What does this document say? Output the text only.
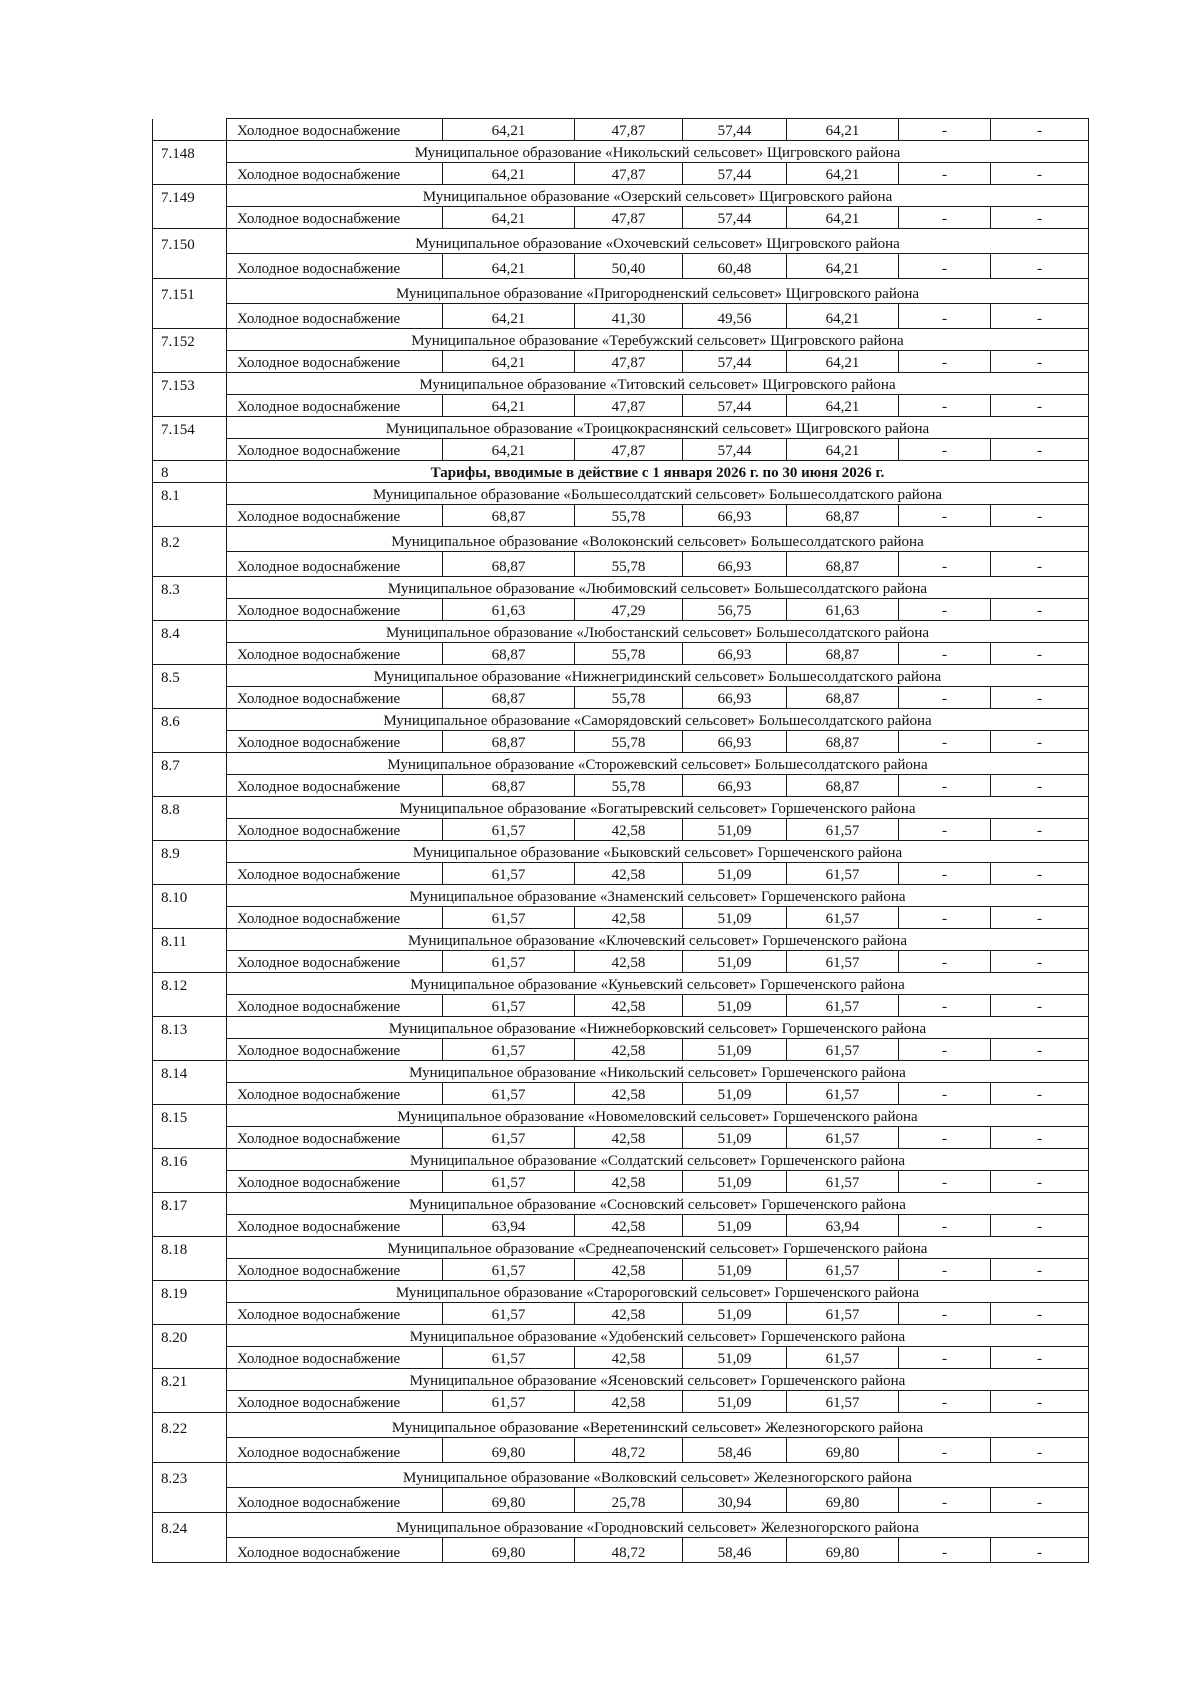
	Холодное водоснабжение	64,21	47,87	57,44	64,21	-	-
7.148	Муниципальное образование «Никольский сельсовет» Щигровского района						
	Холодное водоснабжение	64,21	47,87	57,44	64,21	-	-
7.149	Муниципальное образование «Озерский сельсовет» Щигровского района						
	Холодное водоснабжение	64,21	47,87	57,44	64,21	-	-
7.150	Муниципальное образование «Охочевский сельсовет» Щигровского района						
	Холодное водоснабжение	64,21	50,40	60,48	64,21	-	-
7.151	Муниципальное образование «Пригородненский сельсовет» Щигровского района						
	Холодное водоснабжение	64,21	41,30	49,56	64,21	-	-
7.152	Муниципальное образование «Теребужский сельсовет» Щигровского района						
	Холодное водоснабжение	64,21	47,87	57,44	64,21	-	-
7.153	Муниципальное образование «Титовский сельсовет» Щигровского района						
	Холодное водоснабжение	64,21	47,87	57,44	64,21	-	-
7.154	Муниципальное образование «Троицкокраснянский сельсовет» Щигровского района						
	Холодное водоснабжение	64,21	47,87	57,44	64,21	-	-
8	Тарифы, вводимые в действие с 1 января 2026 г. по 30 июня 2026 г.						
8.1	Муниципальное образование «Большесолдатский сельсовет» Большесолдатского района						
	Холодное водоснабжение	68,87	55,78	66,93	68,87	-	-
8.2	Муниципальное образование «Волоконский сельсовет» Большесолдатского района						
	Холодное водоснабжение	68,87	55,78	66,93	68,87	-	-
8.3	Муниципальное образование «Любимовский сельсовет» Большесолдатского района						
	Холодное водоснабжение	61,63	47,29	56,75	61,63	-	-
8.4	Муниципальное образование «Любостанский сельсовет» Большесолдатского района						
	Холодное водоснабжение	68,87	55,78	66,93	68,87	-	-
8.5	Муниципальное образование «Нижнегридинский сельсовет» Большесолдатского района						
	Холодное водоснабжение	68,87	55,78	66,93	68,87	-	-
8.6	Муниципальное образование «Саморядовский сельсовет» Большесолдатского района						
	Холодное водоснабжение	68,87	55,78	66,93	68,87	-	-
8.7	Муниципальное образование «Сторожевский сельсовет» Большесолдатского района						
	Холодное водоснабжение	68,87	55,78	66,93	68,87	-	-
8.8	Муниципальное образование «Богатыревский сельсовет» Горшеченского района						
	Холодное водоснабжение	61,57	42,58	51,09	61,57	-	-
8.9	Муниципальное образование «Быковский сельсовет» Горшеченского района						
	Холодное водоснабжение	61,57	42,58	51,09	61,57	-	-
8.10	Муниципальное образование «Знаменский сельсовет» Горшеченского района						
	Холодное водоснабжение	61,57	42,58	51,09	61,57	-	-
8.11	Муниципальное образование «Ключевский сельсовет» Горшеченского района						
	Холодное водоснабжение	61,57	42,58	51,09	61,57	-	-
8.12	Муниципальное образование «Куньевский сельсовет» Горшеченского района						
	Холодное водоснабжение	61,57	42,58	51,09	61,57	-	-
8.13	Муниципальное образование «Нижнеборковский сельсовет» Горшеченского района						
	Холодное водоснабжение	61,57	42,58	51,09	61,57	-	-
8.14	Муниципальное образование «Никольский сельсовет» Горшеченского района						
	Холодное водоснабжение	61,57	42,58	51,09	61,57	-	-
8.15	Муниципальное образование «Новомеловский сельсовет» Горшеченского района						
	Холодное водоснабжение	61,57	42,58	51,09	61,57	-	-
8.16	Муниципальное образование «Солдатский сельсовет» Горшеченского района						
	Холодное водоснабжение	61,57	42,58	51,09	61,57	-	-
8.17	Муниципальное образование «Сосновский сельсовет» Горшеченского района						
	Холодное водоснабжение	63,94	42,58	51,09	63,94	-	-
8.18	Муниципальное образование «Среднеапоченский сельсовет» Горшеченского района						
	Холодное водоснабжение	61,57	42,58	51,09	61,57	-	-
8.19	Муниципальное образование «Старороговский сельсовет» Горшеченского района						
	Холодное водоснабжение	61,57	42,58	51,09	61,57	-	-
8.20	Муниципальное образование «Удобенский сельсовет» Горшеченского района						
	Холодное водоснабжение	61,57	42,58	51,09	61,57	-	-
8.21	Муниципальное образование «Ясеновский сельсовет» Горшеченского района						
	Холодное водоснабжение	61,57	42,58	51,09	61,57	-	-
8.22	Муниципальное образование «Веретенинский сельсовет» Железногорского района						
	Холодное водоснабжение	69,80	48,72	58,46	69,80	-	-
8.23	Муниципальное образование «Волковский сельсовет» Железногорского района						
	Холодное водоснабжение	69,80	25,78	30,94	69,80	-	-
8.24	Муниципальное образование «Городновский сельсовет» Железногорского района						
	Холодное водоснабжение	69,80	48,72	58,46	69,80	-	-
